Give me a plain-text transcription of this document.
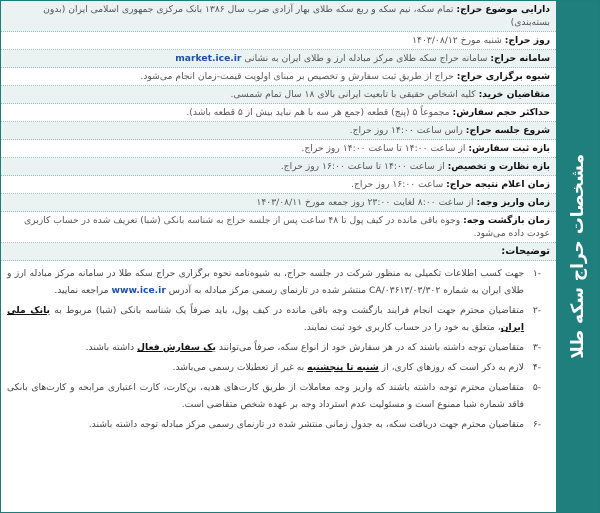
مشخصات حراج سکه طلا
دارایی موضوع حراج: تمام سکه، نیم سکه و ربع سکه طلای بهار آزادی ضرب سال ۱۳۸۶ بانک مرکزی جمهوری اسلامی ایران (بدون بسته‌بندی)
روز حراج: شنبه مورخ ۱۴۰۳/۰۸/۱۲
سامانه حراج: سامانه حراج سکه طلای مرکز مبادله ارز و طلای ایران به نشانی market.ice.ir
شیوه برگزاری حراج: حراج از طریق ثبت سفارش و تخصیص بر مبنای اولویت قیمت-زمان انجام می‌شود.
متقاضیان خرید: کلیه اشخاص حقیقی با تابعیت ایرانی بالای ۱۸ سال تمام شمسی.
حداکثر حجم سفارش: مجموعاً ۵ (پنج) قطعه (جمع هر سه با هم نباید بیش از ۵ قطعه باشد).
شروع جلسه حراج: راس ساعت ۱۴:۰۰ روز حراج.
بازه ثبت سفارش: از ساعت ۱۴:۰۰ تا ساعت ۱۴:۰۰ روز حراج.
بازه نظارت و تخصیص: از ساعت ۱۴:۰۰ تا ساعت ۱۶:۰۰ روز حراج.
زمان اعلام نتیجه حراج: ساعت ۱۶:۰۰ روز حراج.
زمان واریز وجه: از ساعت ۸:۰۰ لغایت ۲۳:۰۰ روز جمعه مورخ ۱۴۰۳/۰۸/۱۱
زمان بازگشت وجه: وجوه باقی مانده در کیف پول تا ۴۸ ساعت پس از جلسه حراج به شناسه بانکی (شبا) تعریف شده در حساب کاربری عودت داده می‌شود.
توضیحات:
-۱
جهت کسب اطلاعات تکمیلی به منظور شرکت در جلسه حراج، به شیوه‌نامه نحوه برگزاری حراج سکه طلا در سامانه مرکز مبادله ارز و طلای ایران به شماره ۳۰۲/CA/۰۳۶۱۳/۰۳ منتشر شده در تارنمای رسمی مرکز مبادله به آدرس www.ice.ir مراجعه نمایید.
-۲
متقاضیان محترم جهت انجام فرایند بازگشت وجه باقی مانده در کیف پول، باید صرفاً یک شناسه بانکی (شبا) مربوط به بانک ملی ایران، متعلق به خود را در حساب کاربری خود ثبت نمایند.
-۳
متقاضیان توجه داشته باشند که در هر سفارش خود از انواع سکه، صرفاً می‌توانند یک سفارش فعال داشته باشند.
-۴
لازم به ذکر است که روزهای کاری، از شنبه تا پنجشنبه به غیر از تعطیلات رسمی می‌باشد.
-۵
متقاضیان محترم توجه داشته باشند که واریز وجه معاملات از طریق کارت‌های هدیه، بن‌کارت، کارت اعتباری مرابحه و کارت‌های بانکی فاقد شماره شبا ممنوع است و مسئولیت عدم استرداد وجه بر عهده شخص متقاضی است.
-۶
متقاضیان محترم جهت دریافت سکه، به جدول زمانی منتشر شده در تارنمای رسمی مرکز مبادله توجه داشته باشند.
